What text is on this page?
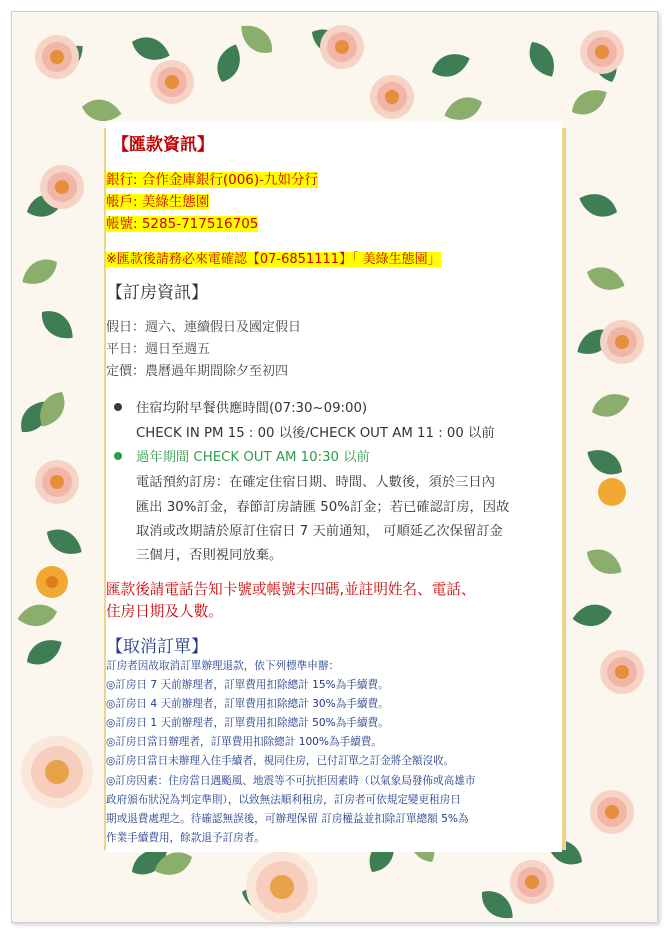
【匯款資訊】
銀行: 合作金庫銀行(006)-九如分行
帳戶: 美綠生態園
帳號: 5285-717516705
※匯款後請務必來電確認【07-6851111】「 美綠生態園」
【訂房資訊】
假日：週六、連續假日及國定假日
平日：週日至週五
定價：農曆過年期間除夕至初四
住宿均附早餐供應時間(07:30~09:00)
CHECK IN PM 15 : 00 以後/CHECK OUT AM 11 : 00 以前
過年期間 CHECK OUT AM 10:30 以前
電話預約訂房：在確定住宿日期、時間、人數後，須於三日內
匯出 30%訂金，春節訂房請匯 50%訂金；若已確認訂房，因故
取消或改期請於原訂住宿日 7 天前通知， 可順延乙次保留訂金
三個月，否則視同放棄。
匯款後請電話告知卡號或帳號末四碼,並註明姓名、電話、
住房日期及人數。
【取消訂單】
訂房者因故取消訂單辦理退款，依下列標準申辦：
◎訂房日 7 天前辦理者，訂單費用扣除總計 15%為手續費。
◎訂房日 4 天前辦理者，訂單費用扣除總計 30%為手續費。
◎訂房日 1 天前辦理者，訂單費用扣除總計 50%為手續費。
◎訂房日當日辦理者，訂單費用扣除總計 100%為手續費。
◎訂房日當日未辦理入住手續者，視同住房，已付訂單之訂金將全額沒收。
◎訂房因素：住房當日遇颱風、地震等不可抗拒因素時（以氣象局發佈或高雄市
政府頒布狀況為判定準則），以致無法順利租房，訂房者可依規定變更租房日
期或退費處理之。待確認無誤後，可辦理保留 訂房權益並扣除訂單總額 5%為
作業手續費用，餘款退予訂房者。
